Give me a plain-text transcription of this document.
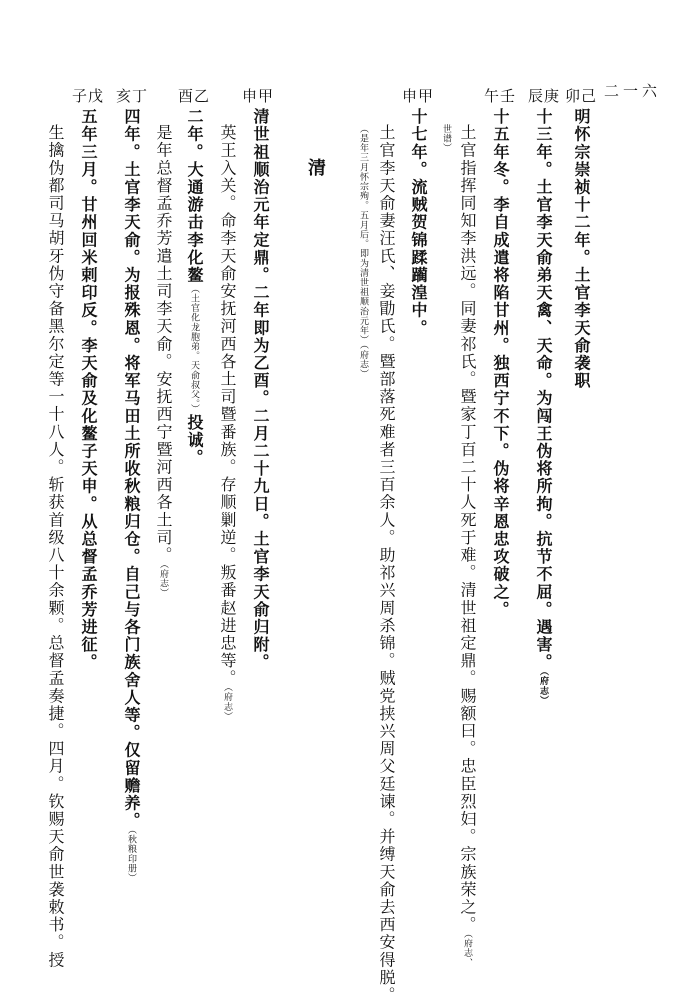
二一六
卯己
辰庚
午壬
申甲
申甲
酉乙
亥丁
子戊
清	明怀宗崇祯十二年。土官李天俞袭职
十三年。土官李天俞弟天禽、天命。为闯王伪将所拘。抗节不屈。遇害。（府志）
十五年冬。李自成遣将陷甘州。独西宁不下。伪将辛恩忠攻破之。
土官指挥同知李洪远。同妻祁氏。暨家丁百二十人死于难。清世祖定鼎。赐额曰。忠臣烈妇。宗族荣之。（府志、
世谱）
十七年。流贼贺锦蹂躏湟中。
土官李天俞妻汪氏、妾勖氏。暨部落死难者三百余人。助祁兴周杀锦。贼党挟兴周父廷谏。并缚天俞去西安得脱。
（是年三月怀宗殉。五月后。即为清世祖顺治元年）（府志）
清世祖顺治元年定鼎。二年即为乙酉。二月二十九日。土官李天俞归附。
英王入关。命李天俞安抚河西各土司暨番族。存顺剿逆。叛番赵进忠等。（府志）
二年。大通游击李化鳌（土官化龙胞弟。天俞叔父。）投诚。
是年总督孟乔芳遣土司李天俞。安抚西宁暨河西各土司。（府志）
四年。土官李天俞。为报殊恩。将军马田土所收秋粮归仓。自己与各门族舍人等。仅留赡养。（秋粮印册）
五年三月。甘州回米剌印反。李天俞及化鳌子天申。从总督孟乔芳进征。
生擒伪都司马胡牙伪守备黑尔定等一十八人。斩获首级八十余颗。总督孟奏捷。四月。钦赐天俞世袭敕书。授
